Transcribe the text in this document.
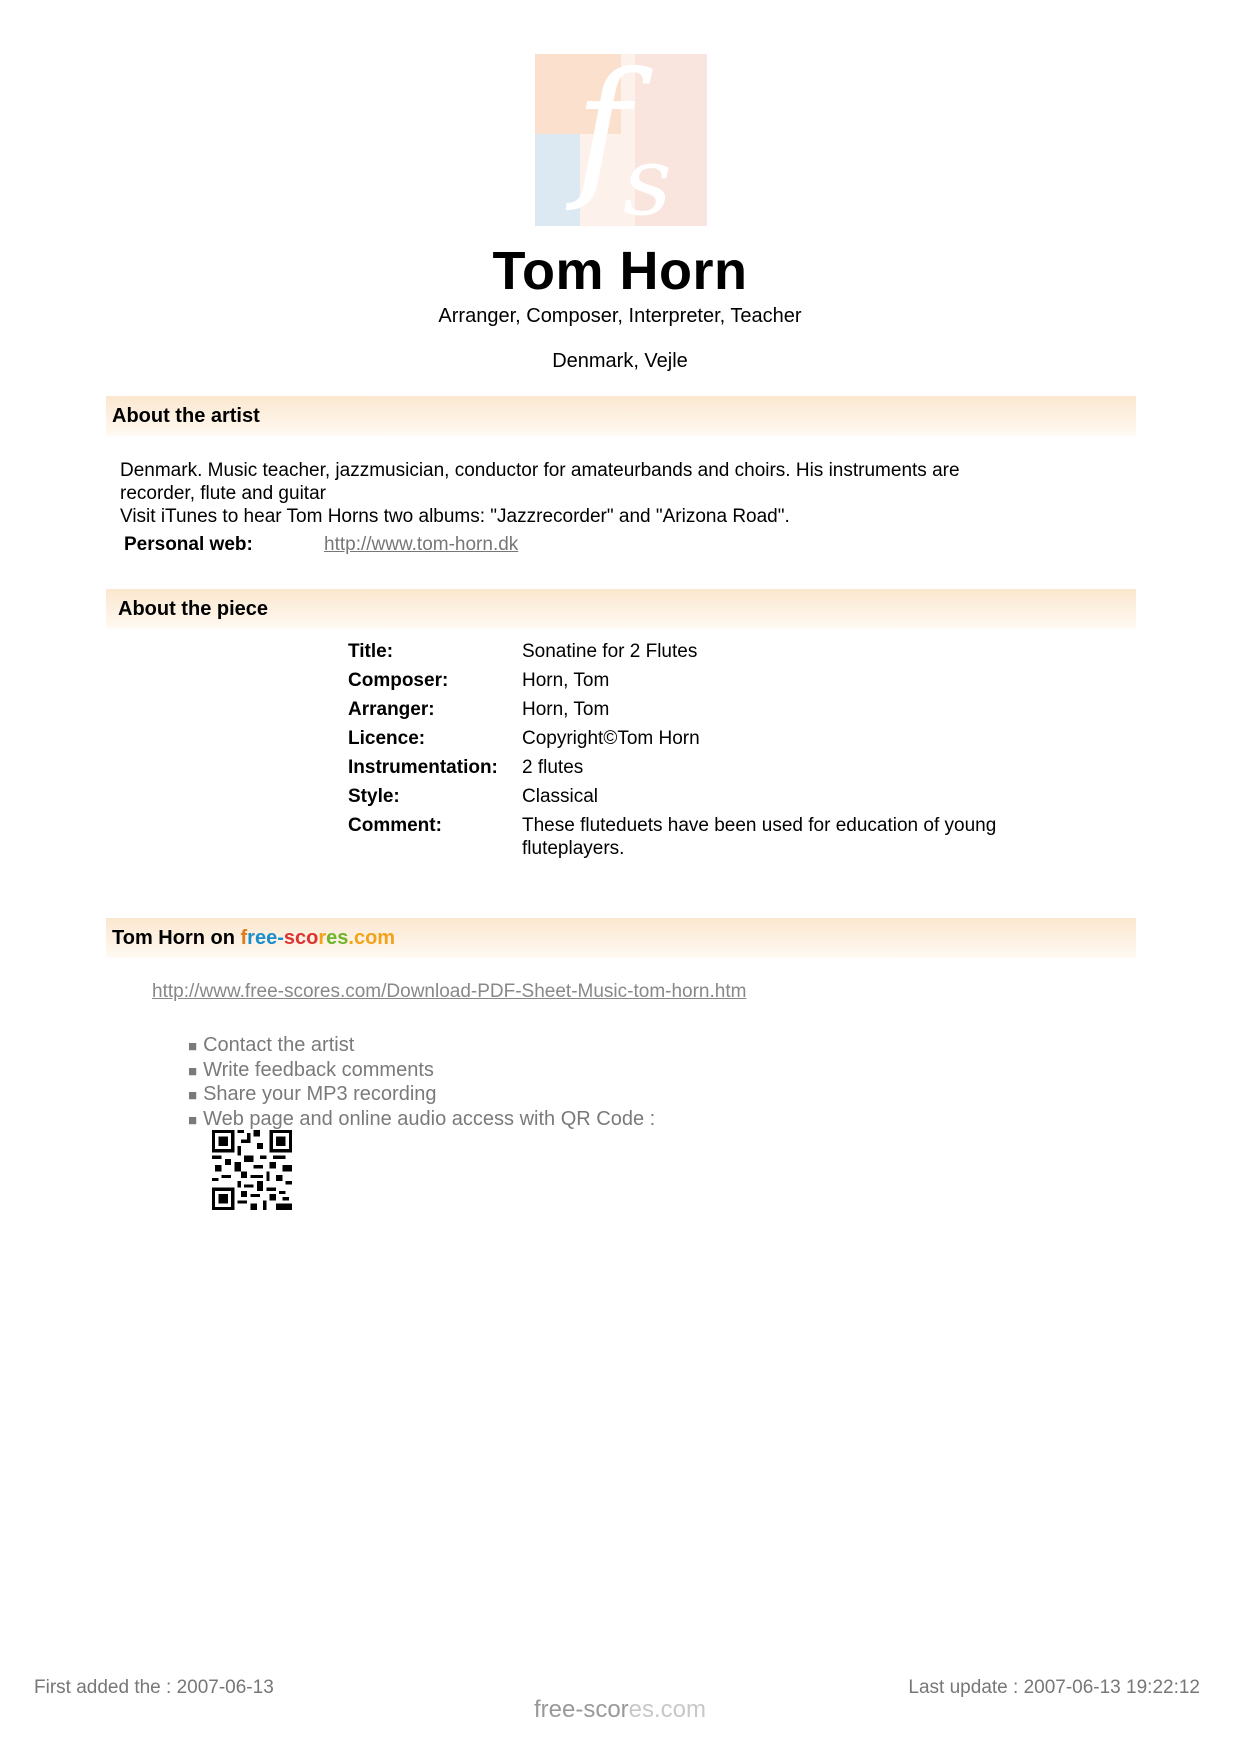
f
s
Tom Horn
Arranger, Composer, Interpreter, Teacher
Denmark, Vejle
About the artist
Denmark. Music teacher, jazzmusician, conductor for amateurbands and choirs. His instruments are
recorder, flute and guitar
Visit iTunes to hear Tom Horns two albums: "Jazzrecorder" and "Arizona Road".
Personal web:	http://www.tom-horn.dk
About the piece
Title:	Sonatine for 2 Flutes
Composer:	Horn, Tom
Arranger:	Horn, Tom
Licence:	Copyright©Tom Horn
Instrumentation:	2 flutes
Style:	Classical
Comment:	These fluteduets have been used for education of young fluteplayers.
Tom Horn on free-scores.com
http://www.free-scores.com/Download-PDF-Sheet-Music-tom-horn.htm
■ Contact the artist
■ Write feedback comments
■ Share your MP3 recording
■ Web page and online audio access with QR Code :
First added the : 2007-06-13
free-scores.com
Last update : 2007-06-13 19:22:12
